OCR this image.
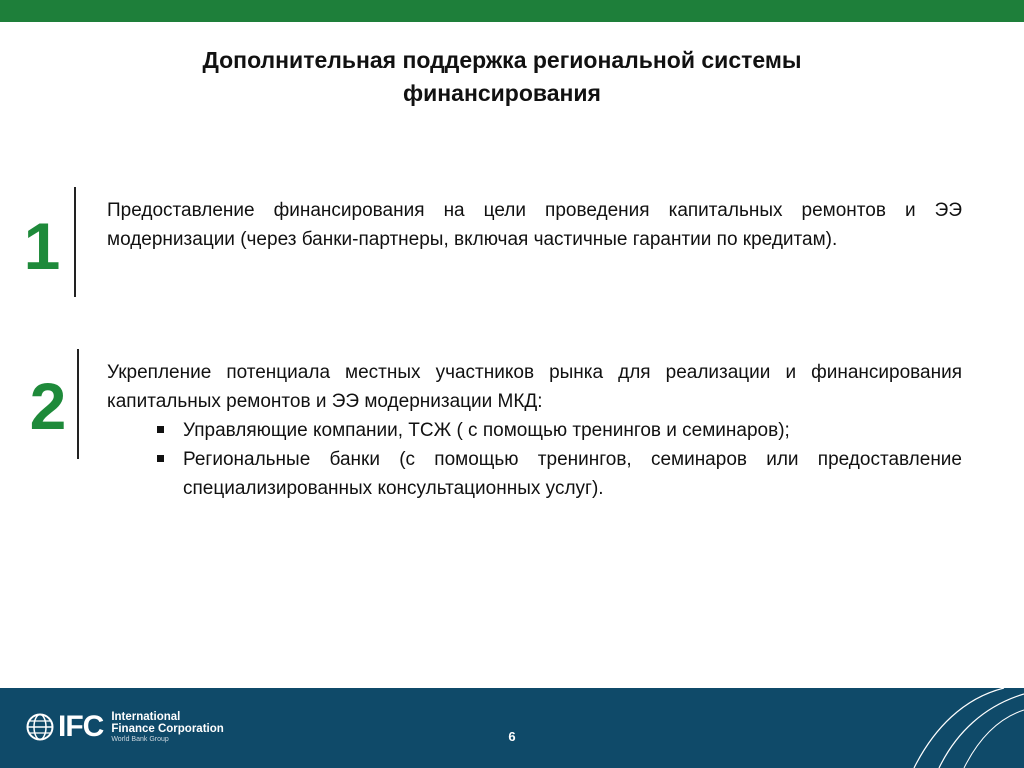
Дополнительная поддержка региональной системы
финансирования
1	Предоставление финансирования на цели проведения капитальных ремонтов и ЭЭ модернизации (через банки-партнеры, включая частичные гарантии по кредитам).

2	Укрепление потенциала местных участников рынка для реализации и финансирования капитальных ремонтов и ЭЭ модернизации МКД:

Управляющие компании, ТСЖ ( с помощью тренингов и семинаров);
Региональные банки (с помощью тренингов, семинаров или предоставление специализированных консультационных услуг).
IFC International
Finance Corporation
World Bank Group	6
